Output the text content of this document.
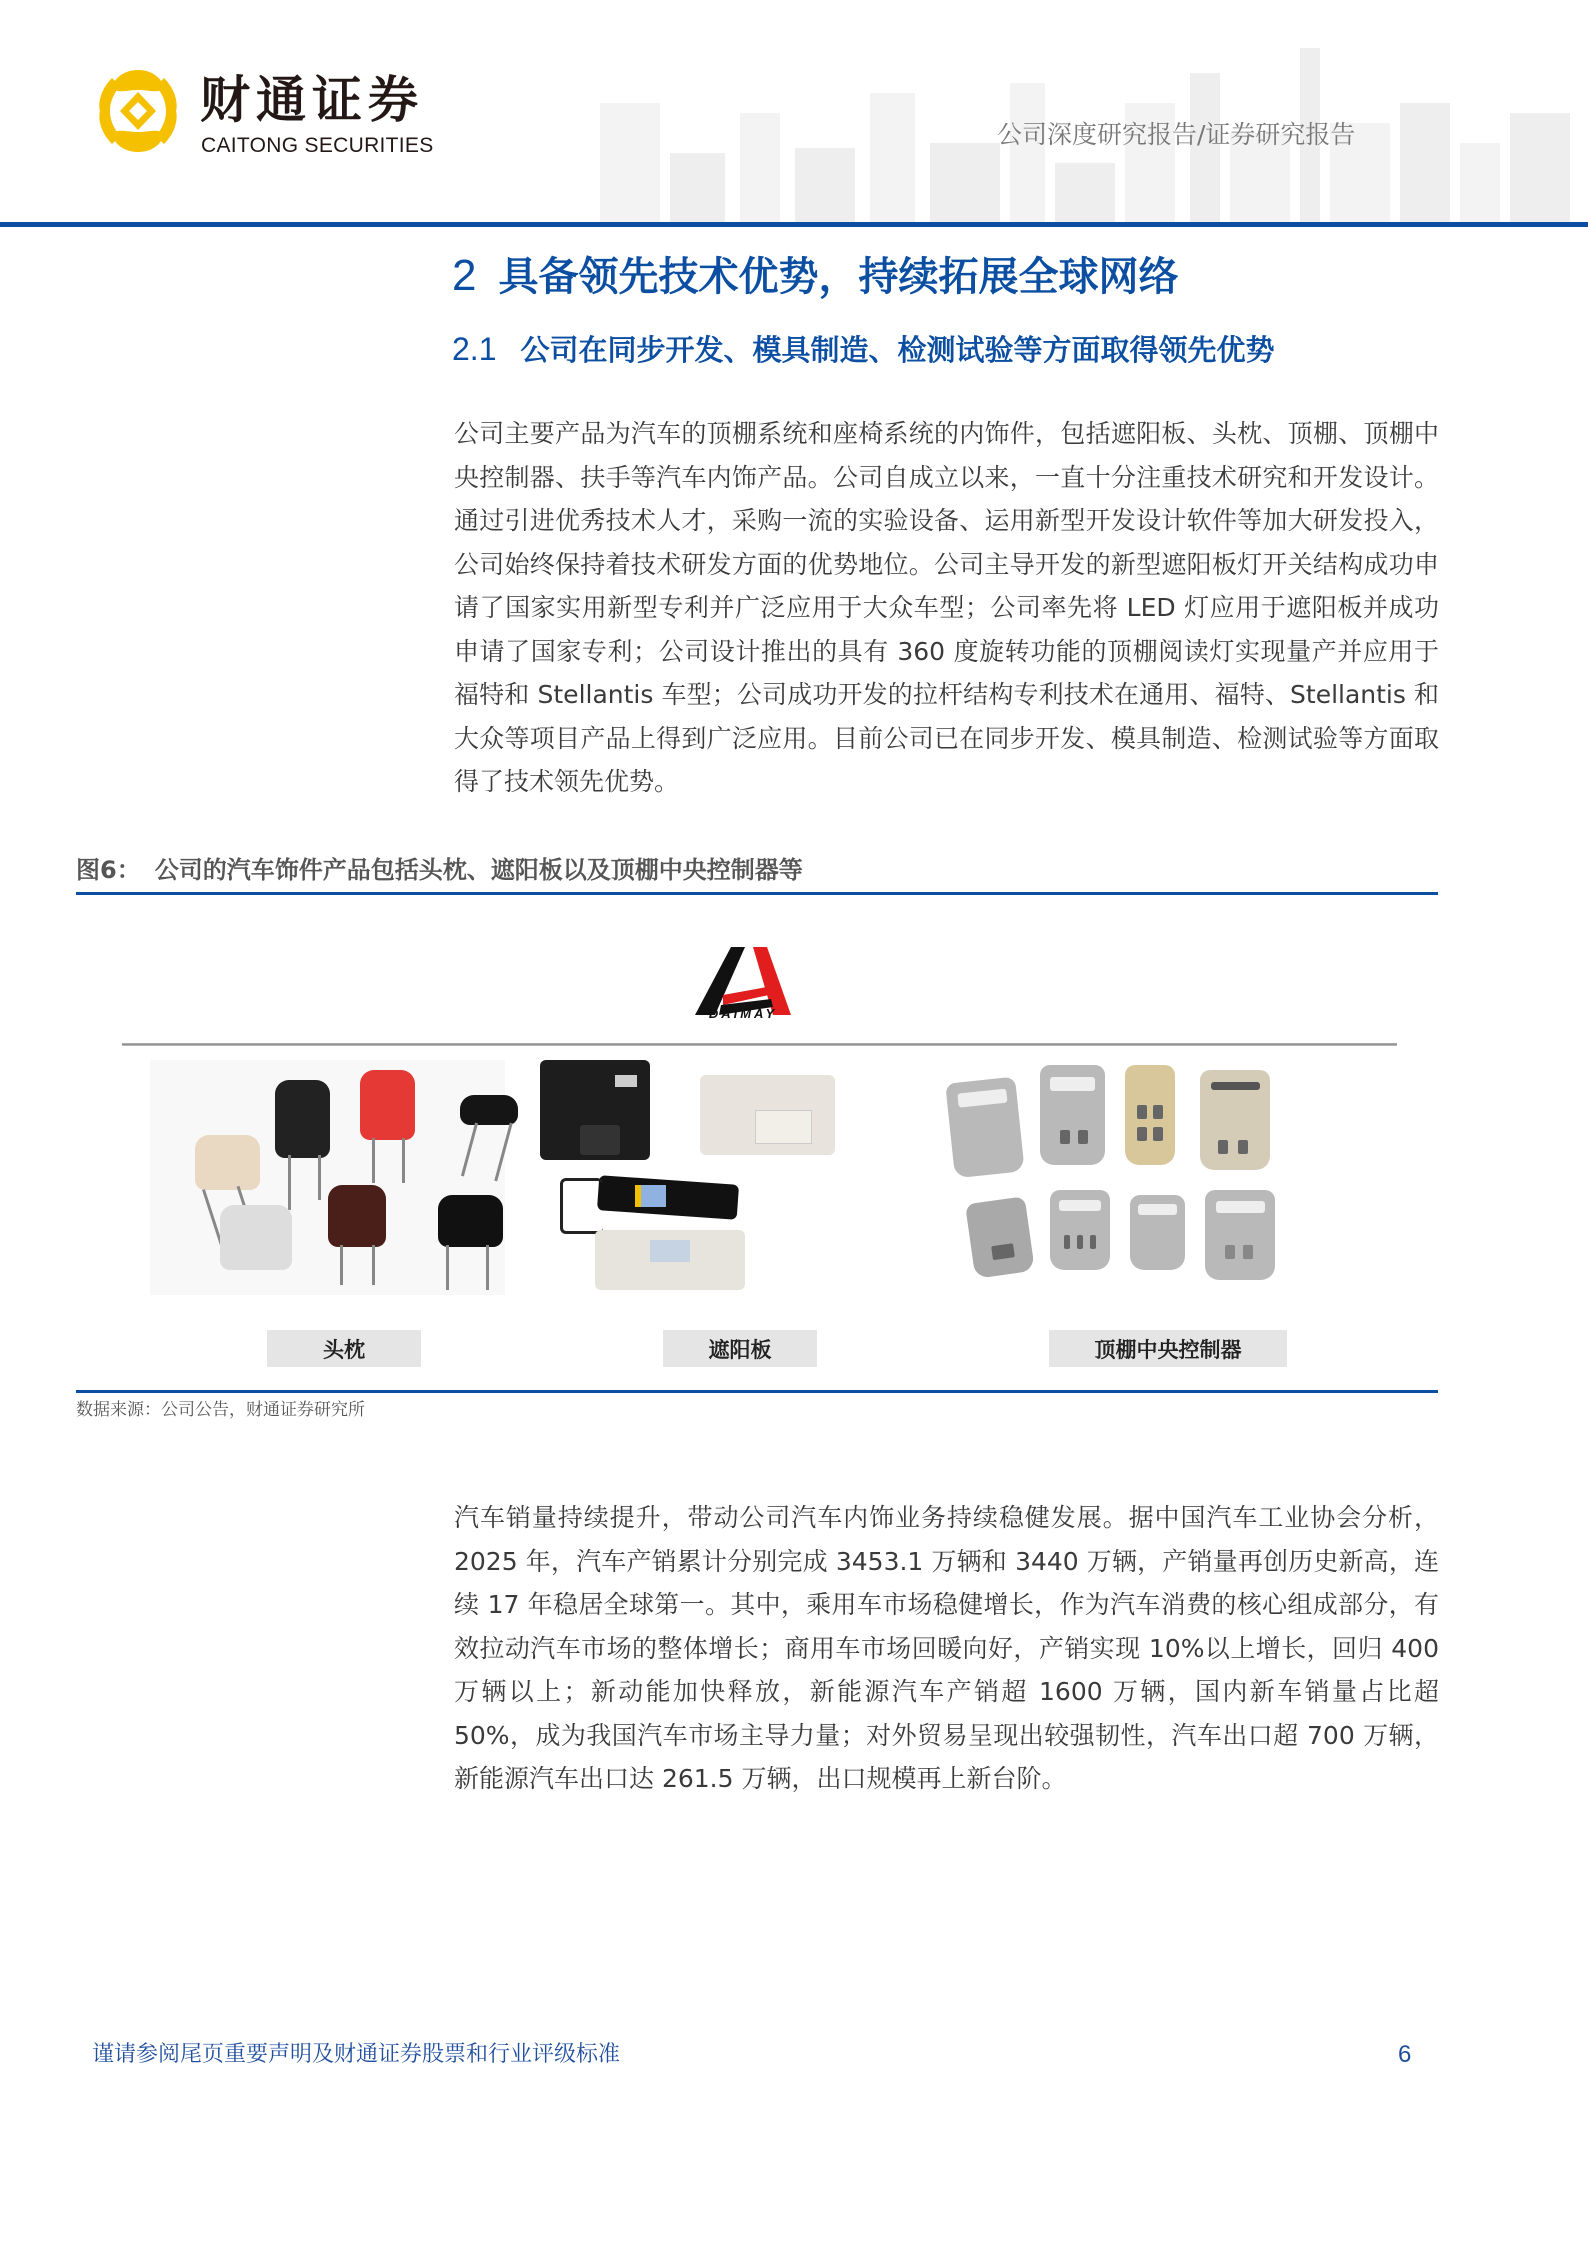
财通证券
CAITONG SECURITIES	公司深度研究报告/证券研究报告
2 具备领先技术优势，持续拓展全球网络
2.1 公司在同步开发、模具制造、检测试验等方面取得领先优势

公司主要产品为汽车的顶棚系统和座椅系统的内饰件，包括遮阳板、头枕、顶棚、顶棚中央控制器、扶手等汽车内饰产品。公司自成立以来，一直十分注重技术研究和开发设计。通过引进优秀技术人才，采购一流的实验设备、运用新型开发设计软件等加大研发投入，公司始终保持着技术研发方面的优势地位。公司主导开发的新型遮阳板灯开关结构成功申请了国家实用新型专利并广泛应用于大众车型；公司率先将 LED 灯应用于遮阳板并成功申请了国家专利；公司设计推出的具有 360 度旋转功能的顶棚阅读灯实现量产并应用于福特和 Stellantis 车型；公司成功开发的拉杆结构专利技术在通用、福特、Stellantis 和大众等项目产品上得到广泛应用。目前公司已在同步开发、模具制造、检测试验等方面取得了技术领先优势。

图6： 公司的汽车饰件产品包括头枕、遮阳板以及顶棚中央控制器等
DAIMAY
头枕	遮阳板	顶棚中央控制器
数据来源：公司公告，财通证券研究所

汽车销量持续提升，带动公司汽车内饰业务持续稳健发展。据中国汽车工业协会分析，2025 年，汽车产销累计分别完成 3453.1 万辆和 3440 万辆，产销量再创历史新高，连续 17 年稳居全球第一。其中，乘用车市场稳健增长，作为汽车消费的核心组成部分，有效拉动汽车市场的整体增长；商用车市场回暖向好，产销实现 10%以上增长，回归 400 万辆以上；新动能加快释放，新能源汽车产销超 1600 万辆，国内新车销量占比超 50%，成为我国汽车市场主导力量；对外贸易呈现出较强韧性，汽车出口超 700 万辆，新能源汽车出口达 261.5 万辆，出口规模再上新台阶。

谨请参阅尾页重要声明及财通证券股票和行业评级标准	6
